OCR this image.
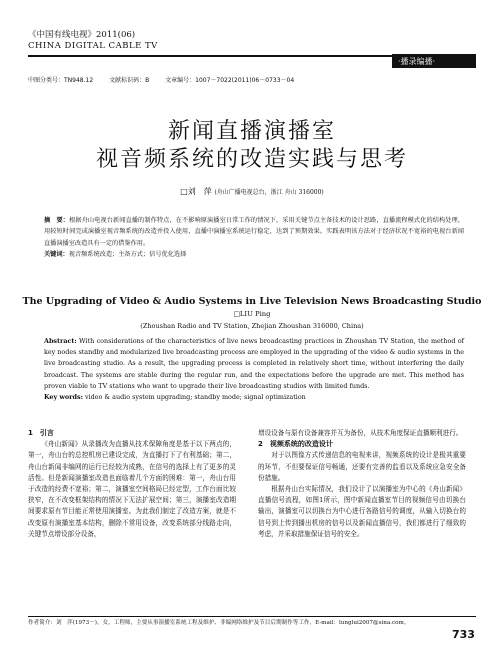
《中国有线电视》2011(06)
CHINA DIGITAL CABLE TV
·播录编播·
中图分类号：TN948.12	文献标识码：B	文章编号：1007－7022(2011)06－0733－04
新闻直播演播室
视音频系统的改造实践与思考
□刘　萍 (舟山广播电视总台，浙江 舟山 316000)
摘　要：根据舟山电视台新闻直播的制作特点，在不影响原演播室日常工作的情况下，采用关键节点主备技术的设计思路，直播流程模式化的结构处理，用较短时间完成演播室视音频系统的改造并投入使用，直播中演播室系统运行稳定，达到了预期效果。实践表明该方法对于经济状况不宽裕的电视台新闻直播演播室改造具有一定的借鉴作用。
关键词：视音频系统改造；主备方式；信号优化选择
The Upgrading of Video & Audio Systems in Live Television News Broadcasting Studio
□LIU Ping
(Zhoushan Radio and TV Station, Zhejian Zhoushan 316000, China)
Abstract: With considerations of the characteristics of live news broadcasting practices in Zhoushan TV Station, the method of key nodes standby and modularized live broadcasting process are employed in the upgrading of the video & audio systems in the live broadcasting studio. As a result, the upgrading process is completed in relatively short time, without interfering the daily broadcast. The systems are stable during the regular run, and the expectations before the upgrade are met. This method has proven viable to TV stations who want to upgrade their live broadcasting studios with limited funds.
Key words: video & audio system upgrading; standby mode; signal optimization
1　引言

《舟山新闻》从录播改为直播从技术保障角度是基于以下两点的，第一，舟山台的总控机房已建设完成，为直播打下了有利基础；第二，舟山台新闻非编网的运行已经较为成熟，在信号的选择上有了更多的灵活性。但是新闻演播室改造也面临着几个方面的困难：第一，舟山台用于改造的经费不宽裕；第二，演播室空间格局已经定型，工作台面比较狭窄，在不改变框架结构的情况下无法扩展空间；第三，演播室改造期间要求原有节目能正常使用演播室。为此我们制定了改造方案，就是不改变原有演播室基本结构，删除不常用设备，改变系统部分线路走向，关键节点增设部分设备，

增设设备与原有设备兼容并互为备份，从技术角度保证直播顺利进行。

2　视频系统的改造设计

对于以图像方式传递信息的电视来讲，视频系统的设计是极其重要的环节，不但要保证信号畅通，还要有完善的监看以及系统应急安全备份措施。

根据舟山台实际情况，我们设计了以演播室为中心的《舟山新闻》直播信号流程，如图1所示，图中新闻直播室节目的视频信号由切换台输出，演播室可以切换台为中心进行各路信号的调度，从输入切换台的信号到上传到播出机房的信号以及新闻直播信号，我们都进行了细致的考虑，并采取措施保证信号的安全。

作者简介：刘　萍(1973－)，女，工程师，主要从事演播室系统工程及维护、非编网络维护及节目后期制作等工作，E-mail：lunglui2007@sina.com。
733
